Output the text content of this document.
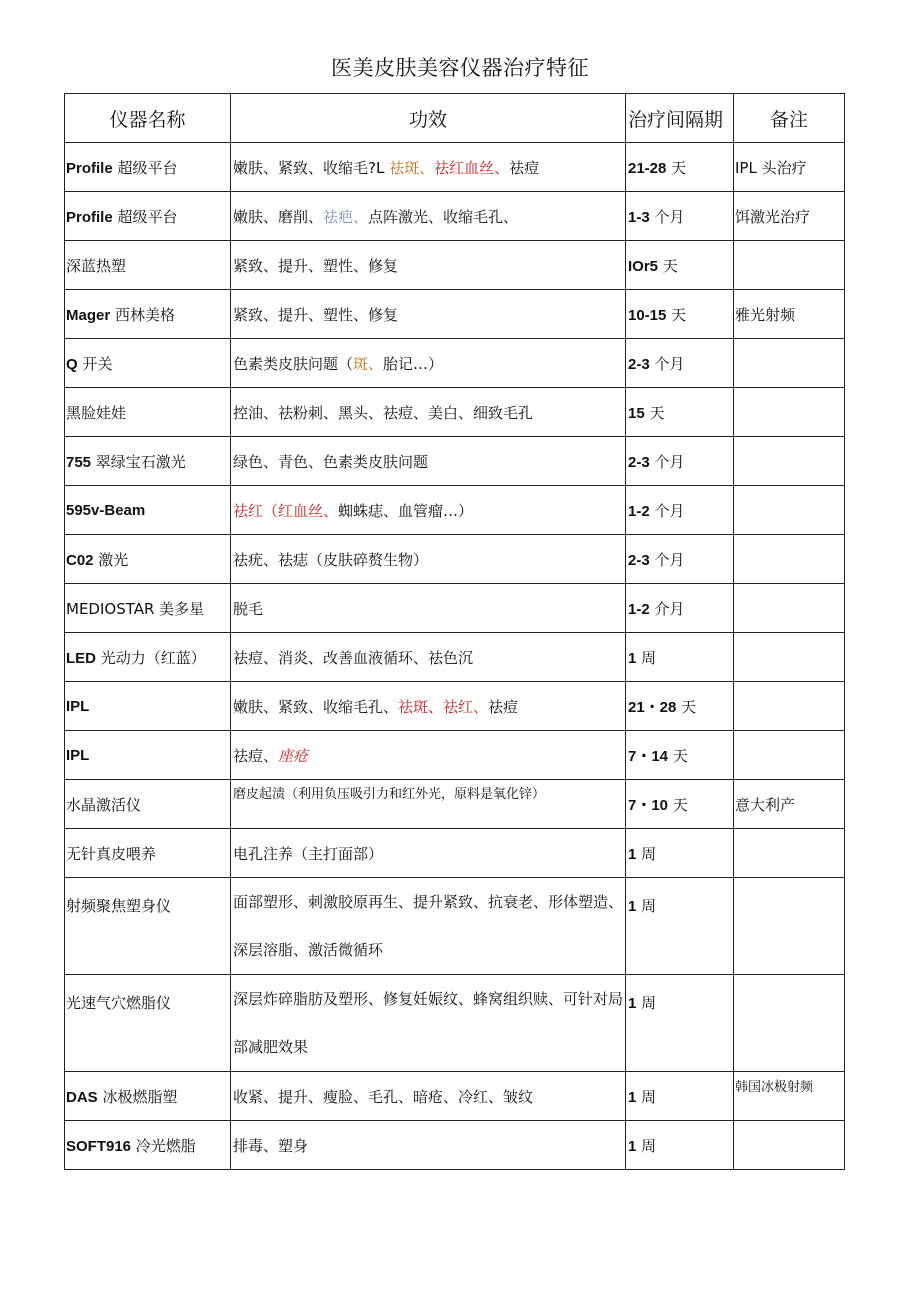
医美皮肤美容仪器治疗特征
仪器名称	功效	治疗间隔期	备注
Profile 超级平台	嫩肤、紧致、收缩毛?L 祛斑、祛红血丝、祛痘	21-28 天	IPL 头治疗
Profile 超级平台	嫩肤、磨削、祛疤、点阵激光、收缩毛孔、	1-3 个月	饵激光治疗
深蓝热塑	紧致、提升、塑性、修复	IOr5 天	
Mager 西林美格	紧致、提升、塑性、修复	10-15 天	雅光射频
Q 开关	色素类皮肤问题（斑、胎记…）	2-3 个月	
黑脸娃娃	控油、祛粉刺、黑头、祛痘、美白、细致毛孔	15 天	
755 翠绿宝石激光	绿色、青色、色素类皮肤问题	2-3 个月	
595v-Beam	祛红（红血丝、蜘蛛痣、血管瘤…）	1-2 个月	
C02 激光	祛疣、祛痣（皮肤碎赘生物）	2-3 个月	
MEDIOSTAR 美多星	脱毛	1-2 介月	
LED 光动力（红蓝）	祛痘、消炎、改善血液循环、祛色沉	1 周	
IPL	嫩肤、紧致、收缩毛孔、祛斑、祛红、祛痘	21・28 天	
IPL	祛痘、座疮	7・14 天	
水晶激活仪	磨皮起渍（利用负压吸引力和红外光，原料是氧化锌）	7・10 天	意大利产
无针真皮喂养	电孔注养（主打面部）	1 周	
射频聚焦塑身仪	面部塑形、刺激胶原再生、提升紧致、抗衰老、形体塑造、深层溶脂、激活微循环	1 周	
光速气穴燃脂仪	深层炸碎脂肪及塑形、修复妊娠纹、蜂窝组织赎、可针对局部减肥效果	1 周	
DAS 冰极燃脂塑	收紧、提升、瘦脸、毛孔、暗疮、冷红、皱纹	1 周	韩国冰极射频
SOFT916 冷光燃脂	排毒、塑身	1 周	
